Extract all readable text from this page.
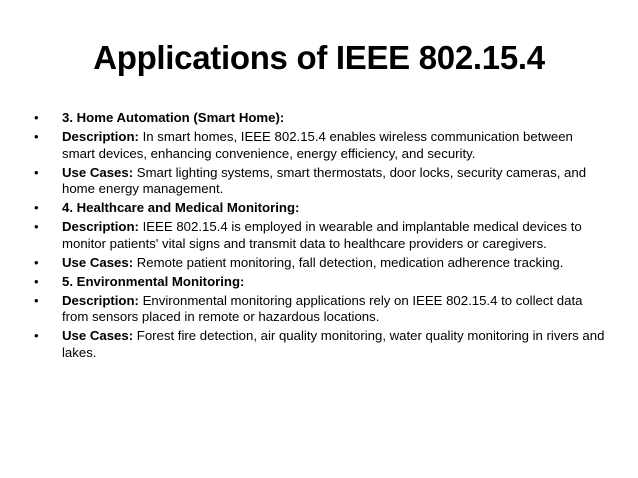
Applications of IEEE 802.15.4
• 3. Home Automation (Smart Home):
• Description: In smart homes, IEEE 802.15.4 enables wireless communication between smart devices, enhancing convenience, energy efficiency, and security.
• Use Cases: Smart lighting systems, smart thermostats, door locks, security cameras, and home energy management.
• 4. Healthcare and Medical Monitoring:
• Description: IEEE 802.15.4 is employed in wearable and implantable medical devices to monitor patients' vital signs and transmit data to healthcare providers or caregivers.
• Use Cases: Remote patient monitoring, fall detection, medication adherence tracking.
• 5. Environmental Monitoring:
• Description: Environmental monitoring applications rely on IEEE 802.15.4 to collect data from sensors placed in remote or hazardous locations.
• Use Cases: Forest fire detection, air quality monitoring, water quality monitoring in rivers and lakes.
